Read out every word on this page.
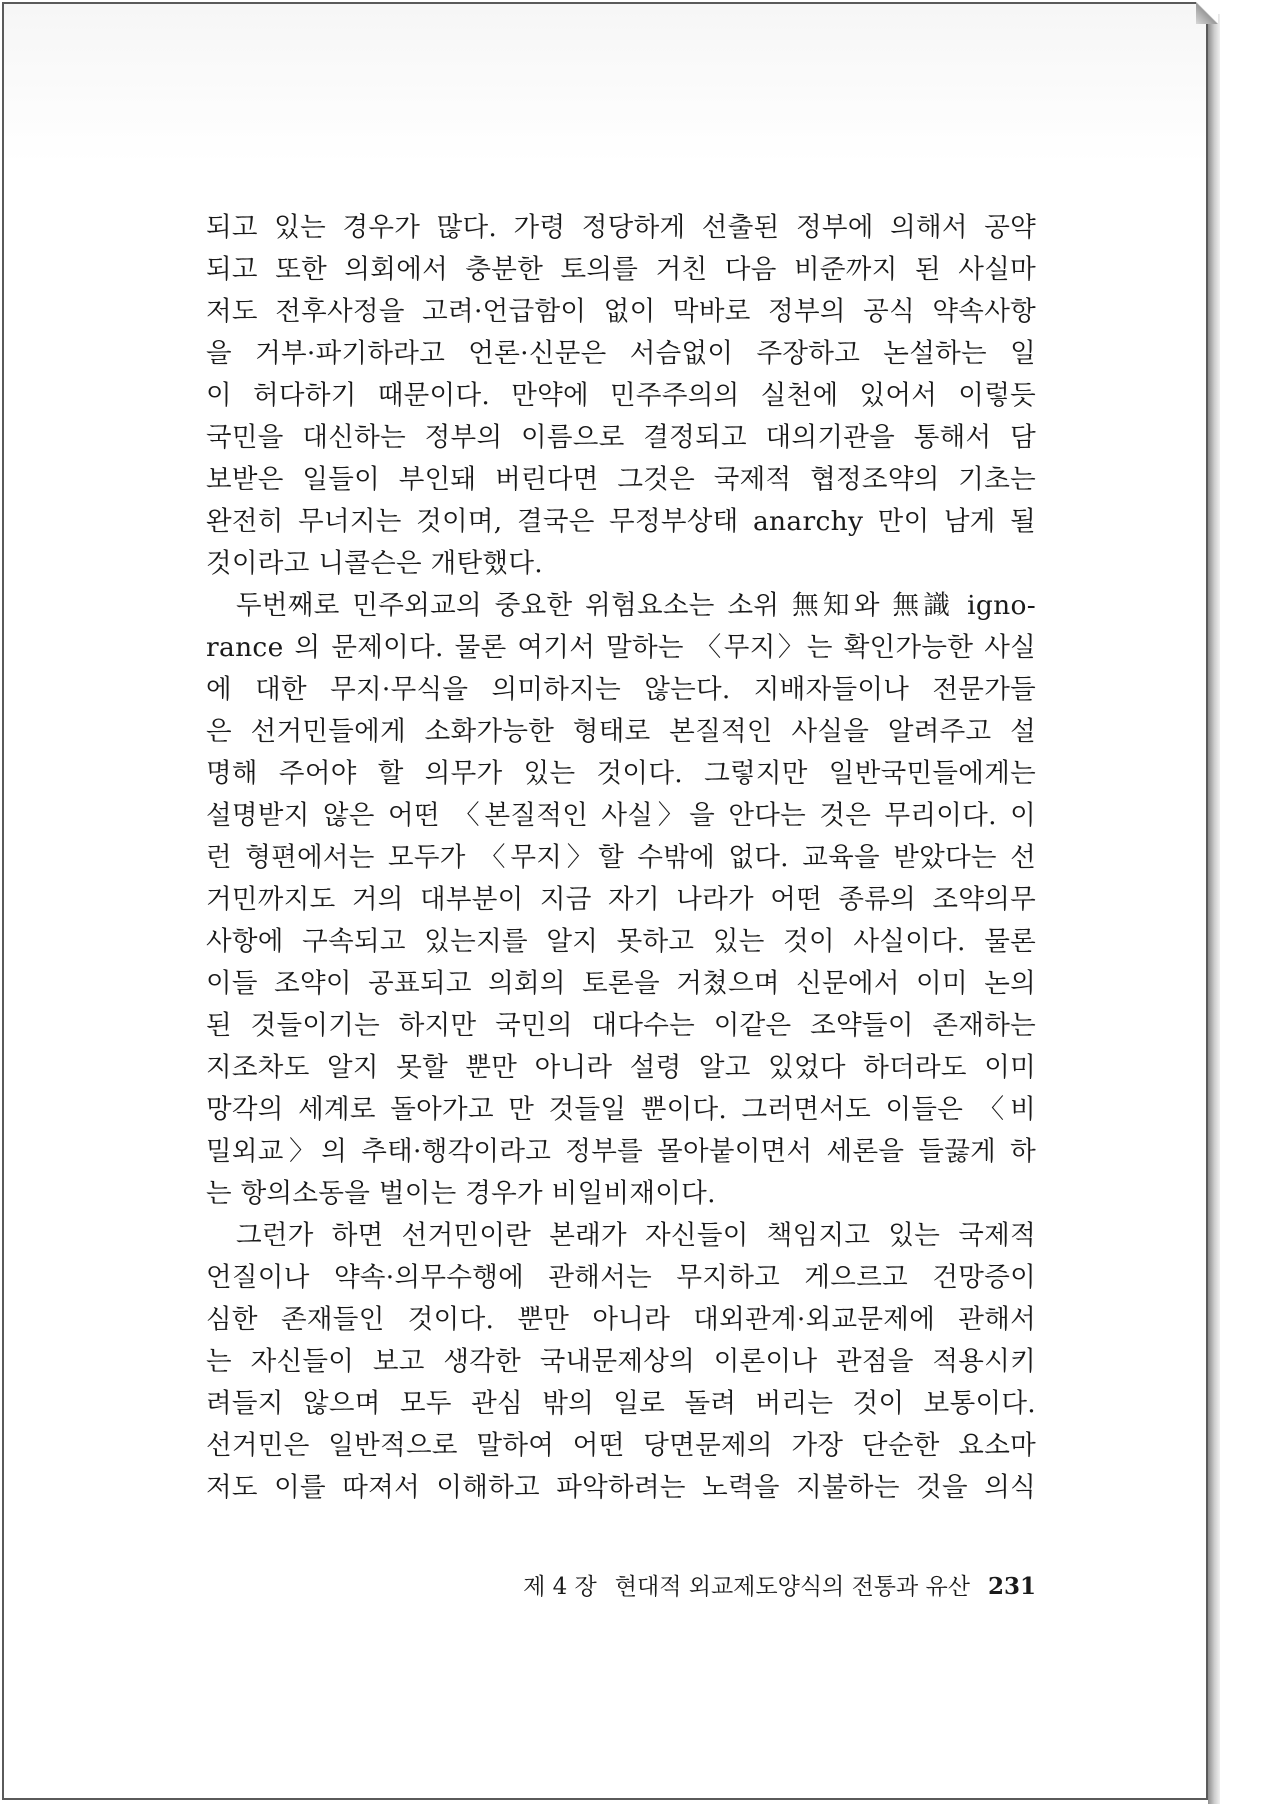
되고 있는 경우가 많다. 가령 정당하게 선출된 정부에 의해서 공약
되고 또한 의회에서 충분한 토의를 거친 다음 비준까지 된 사실마
저도 전후사정을 고려·언급함이 없이 막바로 정부의 공식 약속사항
을 거부·파기하라고 언론·신문은 서슴없이 주장하고 논설하는 일
이 허다하기 때문이다. 만약에 민주주의의 실천에 있어서 이렇듯
국민을 대신하는 정부의 이름으로 결정되고 대의기관을 통해서 담
보받은 일들이 부인돼 버린다면 그것은 국제적 협정조약의 기초는
완전히 무너지는 것이며, 결국은 무정부상태 anarchy 만이 남게 될
것이라고 니콜슨은 개탄했다.
두번째로 민주외교의 중요한 위험요소는 소위 無知와 無識 igno-
rance 의 문제이다. 물론 여기서 말하는 〈무지〉는 확인가능한 사실
에 대한 무지·무식을 의미하지는 않는다. 지배자들이나 전문가들
은 선거민들에게 소화가능한 형태로 본질적인 사실을 알려주고 설
명해 주어야 할 의무가 있는 것이다. 그렇지만 일반국민들에게는
설명받지 않은 어떤 〈본질적인 사실〉을 안다는 것은 무리이다. 이
런 형편에서는 모두가 〈무지〉할 수밖에 없다. 교육을 받았다는 선
거민까지도 거의 대부분이 지금 자기 나라가 어떤 종류의 조약의무
사항에 구속되고 있는지를 알지 못하고 있는 것이 사실이다. 물론
이들 조약이 공표되고 의회의 토론을 거쳤으며 신문에서 이미 논의
된 것들이기는 하지만 국민의 대다수는 이같은 조약들이 존재하는
지조차도 알지 못할 뿐만 아니라 설령 알고 있었다 하더라도 이미
망각의 세계로 돌아가고 만 것들일 뿐이다. 그러면서도 이들은 〈비
밀외교〉의 추태·행각이라고 정부를 몰아붙이면서 세론을 들끓게 하
는 항의소동을 벌이는 경우가 비일비재이다.
그런가 하면 선거민이란 본래가 자신들이 책임지고 있는 국제적
언질이나 약속·의무수행에 관해서는 무지하고 게으르고 건망증이
심한 존재들인 것이다. 뿐만 아니라 대외관계·외교문제에 관해서
는 자신들이 보고 생각한 국내문제상의 이론이나 관점을 적용시키
려들지 않으며 모두 관심 밖의 일로 돌려 버리는 것이 보통이다.
선거민은 일반적으로 말하여 어떤 당면문제의 가장 단순한 요소마
저도 이를 따져서 이해하고 파악하려는 노력을 지불하는 것을 의식
제 4 장 현대적 외교제도양식의 전통과 유산 231
